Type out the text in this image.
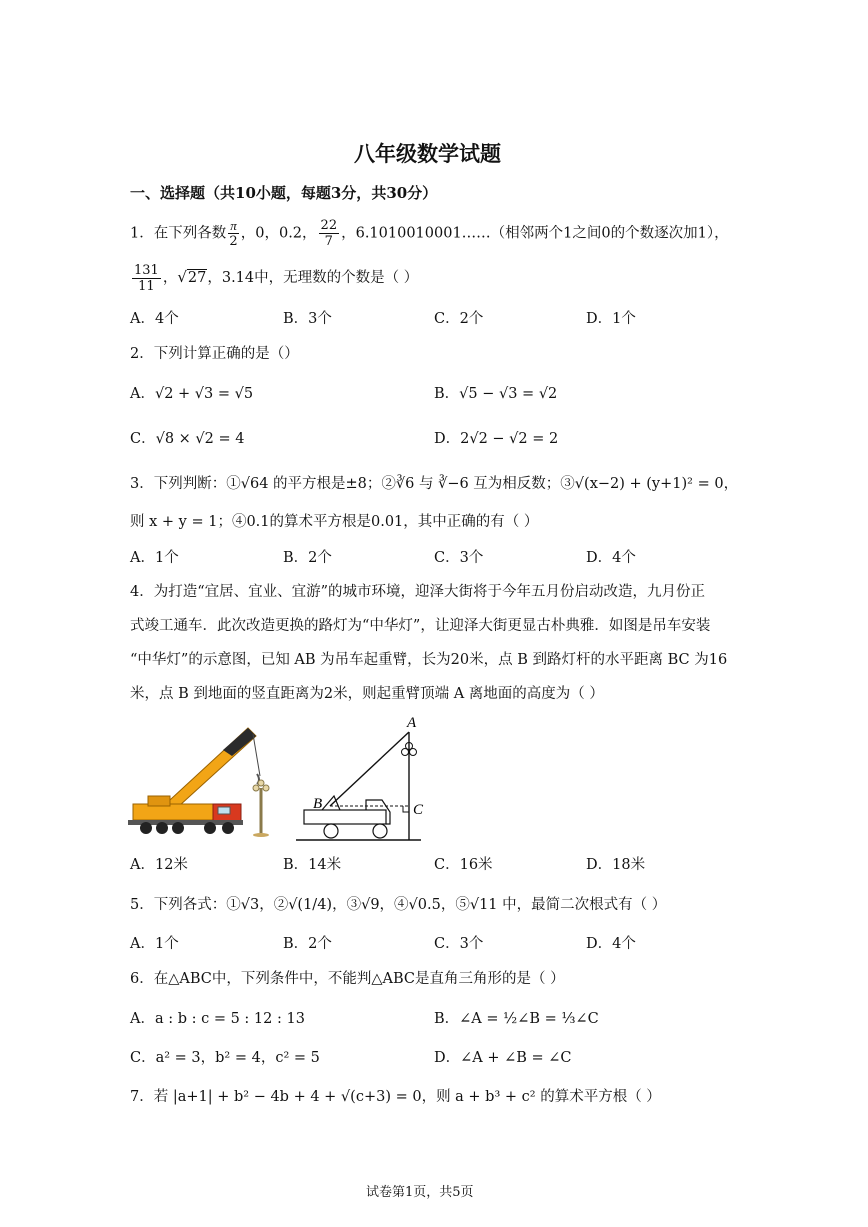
八年级数学试题
一、选择题（共10小题，每题3分，共30分）
1．在下列各数 $\frac{\pi}{2}$ ，0，0.2， $\frac{22}{7}$ ，6.1010010001……（相邻两个1之间0的个数逐次加1），
$\frac{131}{11}$ ，√27，3.14中，无理数的个数是（ ）
A．4个	B．3个	C．2个	D．1个
2．下列计算正确的是（）
A．√2 + √3 = √5	B．√5 − √3 = √2
C．√8 × √2 = 4	D．2√2 − √2 = 2
3．下列判断：①√64 的平方根是±8；②∛6 与 ∛−6 互为相反数；③√(x−2) + (y+1)² = 0，
则 x + y = 1；④0.1的算术平方根是0.01，其中正确的有（ ）
A．1个	B．2个	C．3个	D．4个
4．为打造“宜居、宜业、宜游”的城市环境，迎泽大街将于今年五月份启动改造，九月份正
式竣工通车．此次改造更换的路灯为“中华灯”，让迎泽大街更显古朴典雅．如图是吊车安装
“中华灯”的示意图，已知 AB 为吊车起重臂，长为20米，点 B 到路灯杆的水平距离 BC 为16
米，点 B 到地面的竖直距离为2米，则起重臂顶端 A 离地面的高度为（ ）
A
B	C
A．12米	B．14米	C．16米	D．18米
5．下列各式：①√3，②√(1/4)，③√9，④√0.5，⑤√11 中，最简二次根式有（ ）
A．1个	B．2个	C．3个	D．4个
6．在△ABC中，下列条件中，不能判△ABC是直角三角形的是（ ）
A．a : b : c = 5 : 12 : 13	B．∠A = ½∠B = ⅓∠C
C．a² = 3，b² = 4，c² = 5	D．∠A + ∠B = ∠C
7．若 |a+1| + b² − 4b + 4 + √(c+3) = 0，则 a + b³ + c² 的算术平方根（ ）
试卷第1页，共5页
